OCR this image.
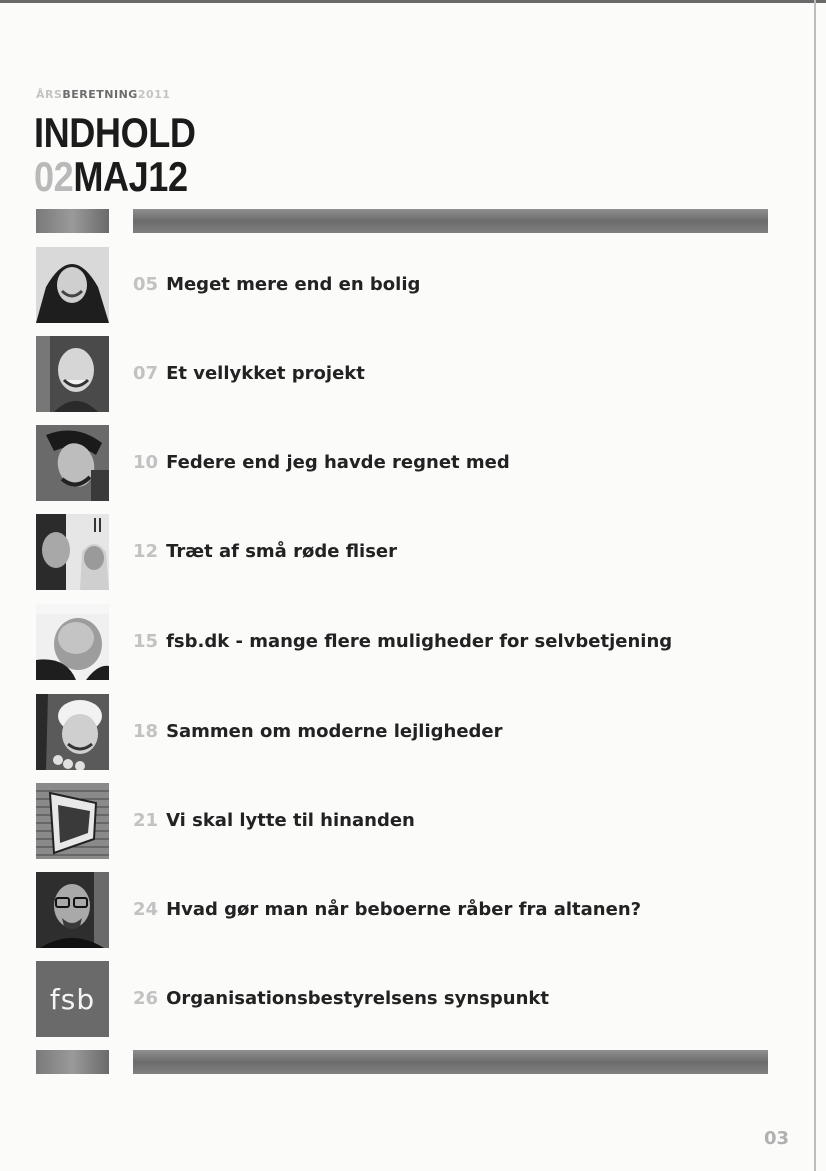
ÅRSBERETNING2011
INDHOLD
02MAJ12
05 Meget mere end en bolig
07 Et vellykket projekt
10 Federe end jeg havde regnet med
12 Træt af små røde fliser
15 fsb.dk - mange flere muligheder for selvbetjening
18 Sammen om moderne lejligheder
21 Vi skal lytte til hinanden
24 Hvad gør man når beboerne råber fra altanen?
fsb	26 Organisationsbestyrelsens synspunkt
03
